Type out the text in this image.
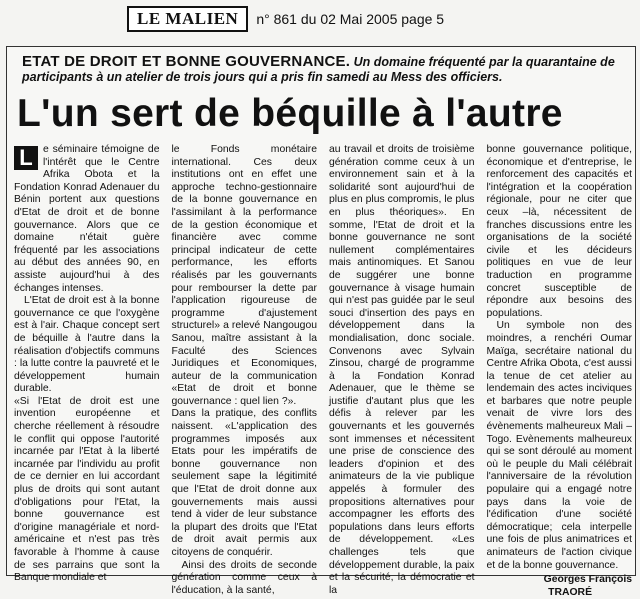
LE MALIEN	n° 861 du 02 Mai 2005 page 5
ETAT DE DROIT ET BONNE GOUVERNANCE. Un domaine fréquenté par la quarantaine de participants à un atelier de trois jours qui a pris fin samedi au Mess des officiers.
L'un sert de béquille à l'autre

L e séminaire témoigne de l'intérêt que le Centre Afrika Obota et la Fondation Konrad Adenauer du Bénin portent aux questions d'Etat de droit et de bonne gouvernance. Alors que ce domaine n'était guère fréquenté par les associations au début des années 90, en assiste aujourd'hui à des échanges intenses.

L'Etat de droit est à la bonne gouvernance ce que l'oxygène est à l'air. Chaque concept sert de béquille à l'autre dans la réalisation d'objectifs communs : la lutte contre la pauvreté et le développement humain durable.

«Si l'Etat de droit est une invention européenne et cherche réellement à résoudre le conflit qui oppose l'autorité incarnée par l'Etat à la liberté incarnée par l'individu au profit de ce dernier en lui accordant plus de droits qui sont autant d'obligations pour l'Etat, la bonne gouvernance est d'origine managériale et nord-américaine et n'est pas très favorable à l'homme à cause de ses parrains que sont la Banque mondiale et

le Fonds monétaire international. Ces deux institutions ont en effet une approche techno-gestionnaire de la bonne gouvernance en l'assimilant à la performance de la gestion économique et financière avec comme principal indicateur de cette performance, les efforts réalisés par les gouvernants pour rembourser la dette par l'application rigoureuse de programme d'ajustement structurel» a relevé Nangougou Sanou, maître assistant à la Faculté des Sciences Juridiques et Economiques, auteur de la communication «Etat de droit et bonne gouvernance : quel lien ?».

Dans la pratique, des conflits naissent. «L'application des programmes imposés aux Etats pour les impératifs de bonne gouvernance non seulement sape la légitimité que l'Etat de droit donne aux gouvernements mais aussi tend à vider de leur substance la plupart des droits que l'Etat de droit avait permis aux citoyens de conquérir.

Ainsi des droits de seconde génération comme ceux à l'éducation, à la santé,

au travail et droits de troisième génération comme ceux à un environnement sain et à la solidarité sont aujourd'hui de plus en plus compromis, le plus en plus théoriques». En somme, l'Etat de droit et la bonne gouvernance ne sont nullement complémentaires mais antinomiques. Et Sanou de suggérer une bonne gouvernance à visage humain qui n'est pas guidée par le seul souci d'insertion des pays en développement dans la mondialisation, donc sociale. Convenons avec Sylvain Zinsou, chargé de programme à la Fondation Konrad Adenauer, que le thème se justifie d'autant plus que les défis à relever par les gouvernants et les gouvernés sont immenses et nécessitent une prise de conscience des leaders d'opinion et des animateurs de la vie publique appelés à formuler des propositions alternatives pour accompagner les efforts des populations dans leurs efforts de développement. «Les challenges tels que développement durable, la paix et la sécurité, la démocratie et la

bonne gouvernance politique, économique et d'entreprise, le renforcement des capacités et l'intégration et la coopération régionale, pour ne citer que ceux –là, nécessitent de franches discussions entre les organisations de la société civile et les décideurs politiques en vue de leur traduction en programme concret susceptible de répondre aux besoins des populations.

Un symbole non des moindres, a renchéri Oumar Maïga, secrétaire national du Centre Afrika Obota, c'est aussi la tenue de cet atelier au lendemain des actes inciviques et barbares que notre peuple venait de vivre lors des évènements malheureux Mali – Togo. Evènements malheureux qui se sont déroulé au moment où le peuple du Mali célébrait l'anniversaire de la révolution populaire qui a engagé notre pays dans la voie de l'édification d'une société démocratique; cela interpelle une fois de plus animatrices et animateurs de l'action civique et de la bonne gouvernance.

Georges François
TRAORÉ
